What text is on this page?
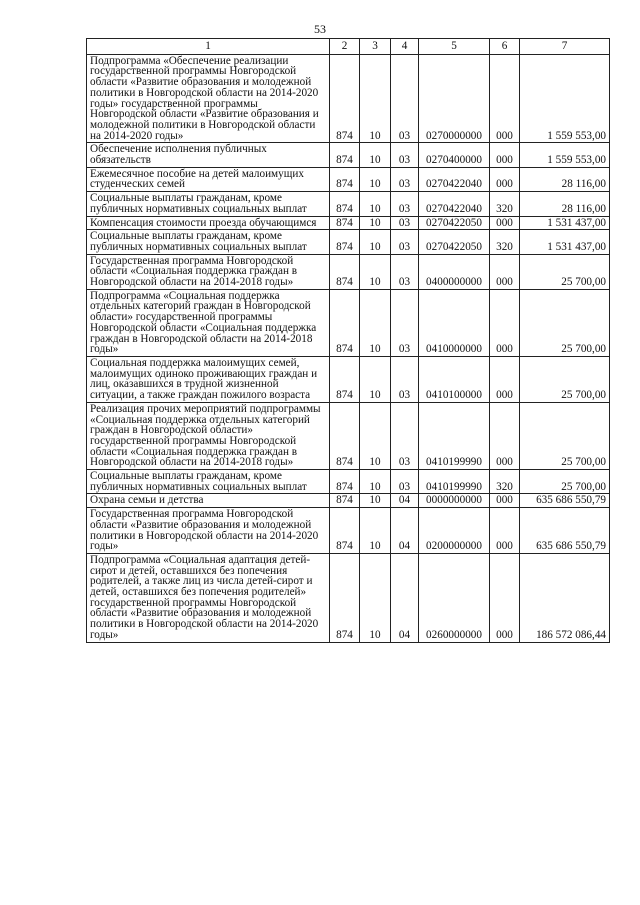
53
1	2	3	4	5	6	7
Подпрограмма «Обеспечение реализации государственной программы Новгородской области «Развитие образования и молодежной политики в Новгородской области на 2014-2020 годы» государственной программы Новгородской области «Развитие образования и молодежной политики в Новгородской области на 2014-2020 годы»	874	10	03	0270000000	000	1 559 553,00
Обеспечение исполнения публичных обязательств	874	10	03	0270400000	000	1 559 553,00
Ежемесячное пособие на детей малоимущих студенческих семей	874	10	03	0270422040	000	28 116,00
Социальные выплаты гражданам, кроме публичных нормативных социальных выплат	874	10	03	0270422040	320	28 116,00
Компенсация стоимости проезда обучающимся	874	10	03	0270422050	000	1 531 437,00
Социальные выплаты гражданам, кроме публичных нормативных социальных выплат	874	10	03	0270422050	320	1 531 437,00
Государственная программа Новгородской области «Социальная поддержка граждан в Новгородской области на 2014-2018 годы»	874	10	03	0400000000	000	25 700,00
Подпрограмма «Социальная поддержка отдельных категорий граждан в Новгородской области» государственной программы Новгородской области «Социальная поддержка граждан в Новгородской области на 2014-2018 годы»	874	10	03	0410000000	000	25 700,00
Социальная поддержка малоимущих семей, малоимущих одиноко проживающих граждан и лиц, оказавшихся в трудной жизненной ситуации, а также граждан пожилого возраста	874	10	03	0410100000	000	25 700,00
Реализация прочих мероприятий подпрограммы «Социальная поддержка отдельных категорий граждан в Новгородской области» государственной программы Новгородской области «Социальная поддержка граждан в Новгородской области на 2014-2018 годы»	874	10	03	0410199990	000	25 700,00
Социальные выплаты гражданам, кроме публичных нормативных социальных выплат	874	10	03	0410199990	320	25 700,00
Охрана семьи и детства	874	10	04	0000000000	000	635 686 550,79
Государственная программа Новгородской области «Развитие образования и молодежной политики в Новгородской области на 2014-2020 годы»	874	10	04	0200000000	000	635 686 550,79
Подпрограмма «Социальная адаптация детей-сирот и детей, оставшихся без попечения родителей, а также лиц из числа детей-сирот и детей, оставшихся без попечения родителей» государственной программы Новгородской области «Развитие образования и молодежной политики в Новгородской области на 2014-2020 годы»	874	10	04	0260000000	000	186 572 086,44
